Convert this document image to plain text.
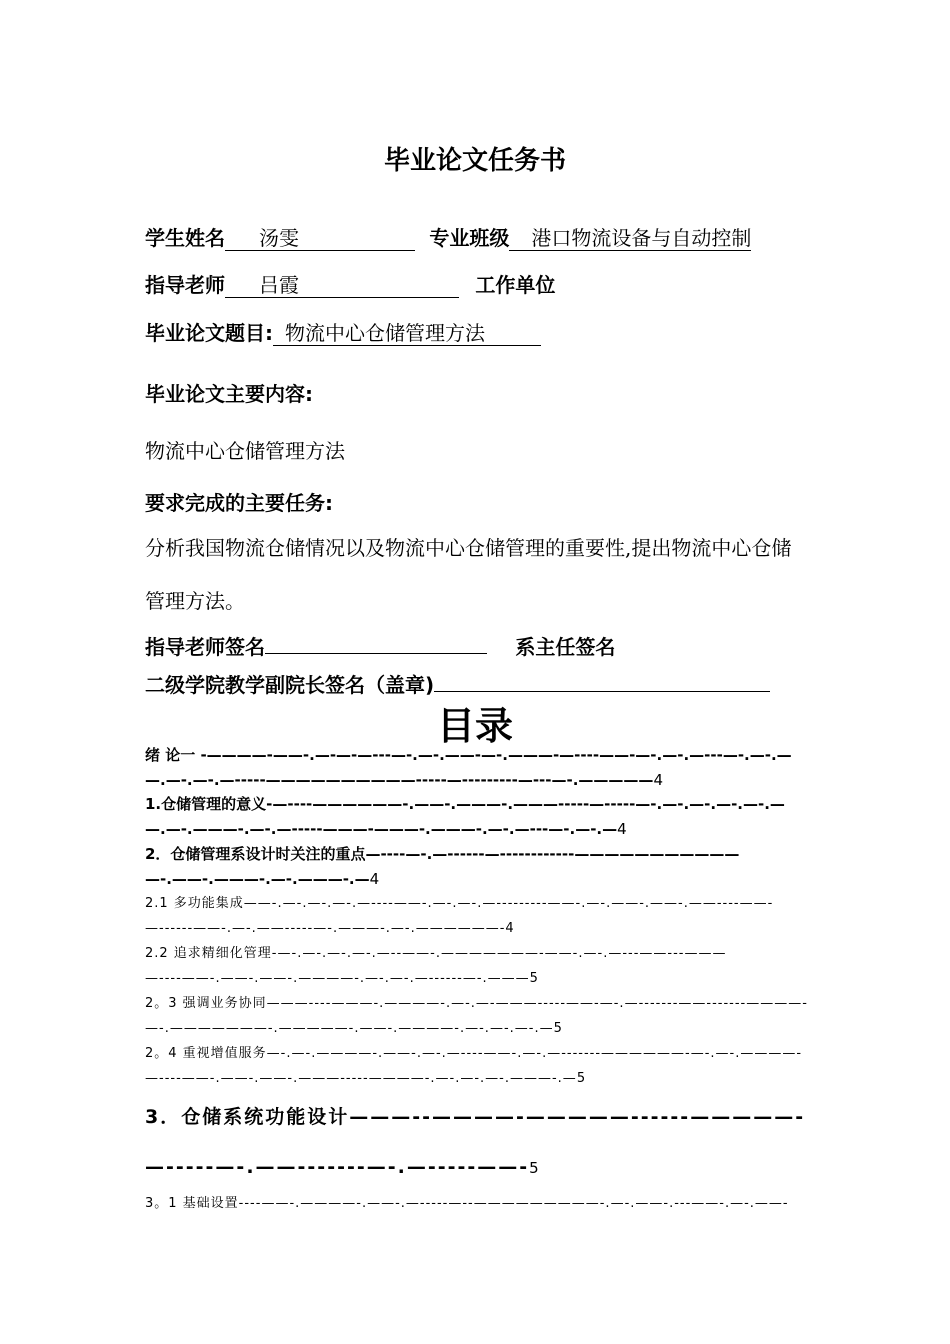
毕业论文任务书
学生姓名 汤雯	专业班级 港口物流设备与自动控制
指导老师 吕霞	工作单位
毕业论文题目: 物流中心仓储管理方法
毕业论文主要内容:
物流中心仓储管理方法
要求完成的主要任务:
分析我国物流仓储情况以及物流中心仓储管理的重要性,提出物流中心仓储管理方法。
指导老师签名	系主任签名
二级学院教学副院长签名（盖章)
目录
绪 论一 -————-——-.—-—-—---—-.—-.——-—-.———-—----——-—-.—-.—---—-.—-.—
—.—-.—-.—-----——————————-----—---------—---—-.—————4
1.仓储管理的意义-—----——————-.——-.———-.———-----—-----—-.—-.—-.—-.—-.—
—.—-.———-.—-.—-----———-———-.———-.—-.—---—-.—-.—4
2．仓储管理系设计时关注的重点—----—-.—------—------------———————————
—-.——-.———-.—-.———-.—4
2.1 多功能集成——-.—-.—-.—-.—----——-.—-.—-.—---------——-.—-.——-.——-.——----——-
—------——-.—-.——-----—-.———-.—-.——————-4
2.2 追求精细化管理-—-.—-.—-.—-.—--——-.———————-——-.—-.—---——---———
—----——-.——-.——-.————-.—-.—-.—------—-.———5
2。3 强调业务协同———----———-.————-.—-.—-———-----——-—-.—-------——-------————-
—-.———————-.—————-.——-.————-.—-.—-.—-.—5
2。4 重视增值服务—-.—-.————-.——-.—-.—----——-.—-.—-------——————-—-.—-.————-
—----——-.——-.——-.———-----————-.—-.—-.—-.———-.—5
3．仓储系统功能设计———--————-—————------—————-
—-----—-.——-------—-.—-----——-5
3。1 基础设置----——-.————-.——-.—-----—--—————————-.—-.——-.---——-.—-.——-
